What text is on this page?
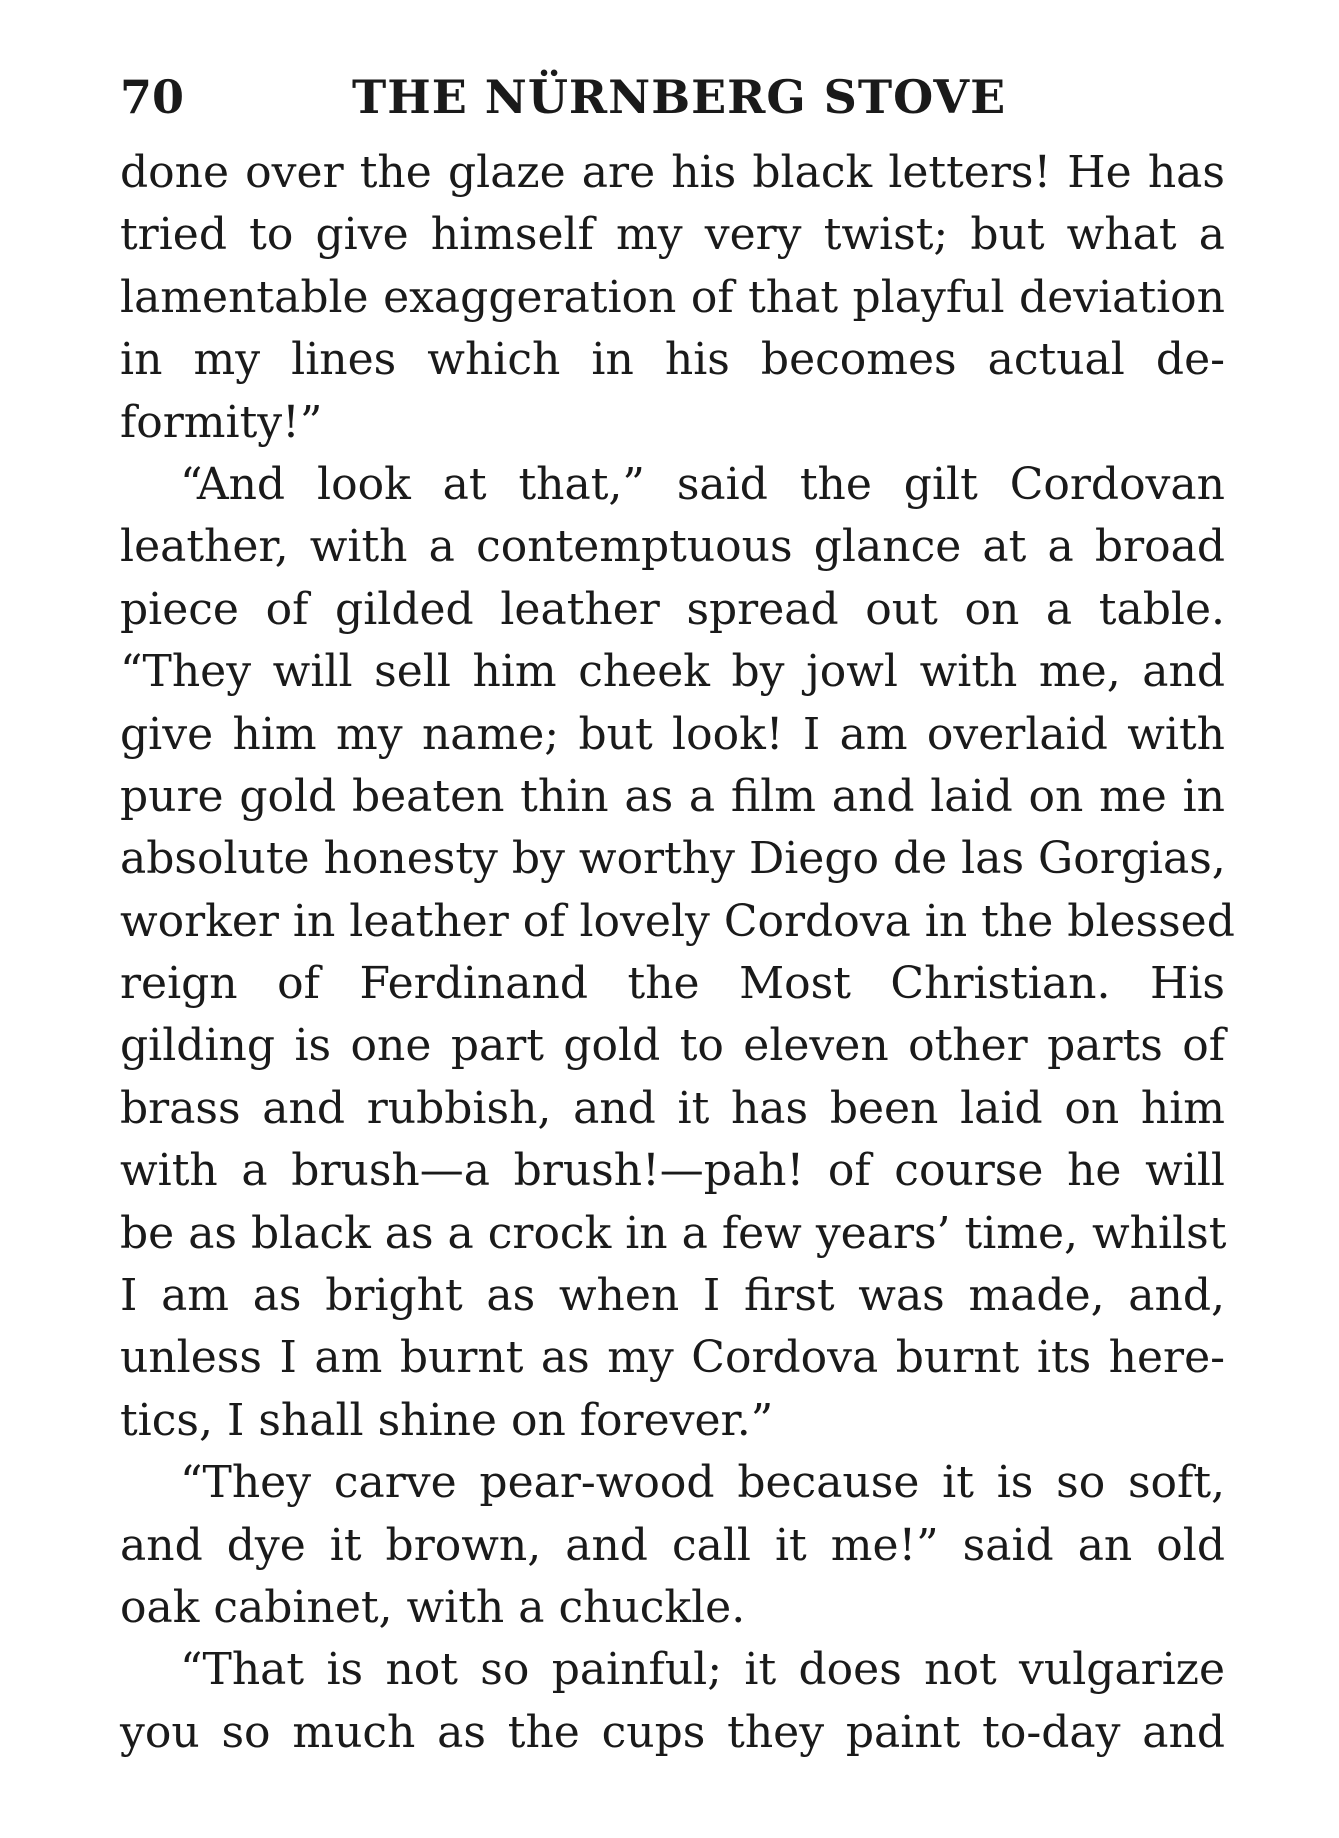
70	THE NÜRNBERG STOVE
done over the glaze are his black letters! He has
tried to give himself my very twist; but what a
lamentable exaggeration of that playful deviation
in my lines which in his becomes actual de-
formity!”
“And look at that,” said the gilt Cordovan
leather, with a contemptuous glance at a broad
piece of gilded leather spread out on a table.
“They will sell him cheek by jowl with me, and
give him my name; but look! I am overlaid with
pure gold beaten thin as a film and laid on me in
absolute honesty by worthy Diego de las Gorgias,
worker in leather of lovely Cordova in the blessed
reign of Ferdinand the Most Christian. His
gilding is one part gold to eleven other parts of
brass and rubbish, and it has been laid on him
with a brush—a brush!—pah! of course he will
be as black as a crock in a few years’ time, whilst
I am as bright as when I first was made, and,
unless I am burnt as my Cordova burnt its here-
tics, I shall shine on forever.”
“They carve pear-wood because it is so soft,
and dye it brown, and call it me!” said an old
oak cabinet, with a chuckle.
“That is not so painful; it does not vulgarize
you so much as the cups they paint to-day and
